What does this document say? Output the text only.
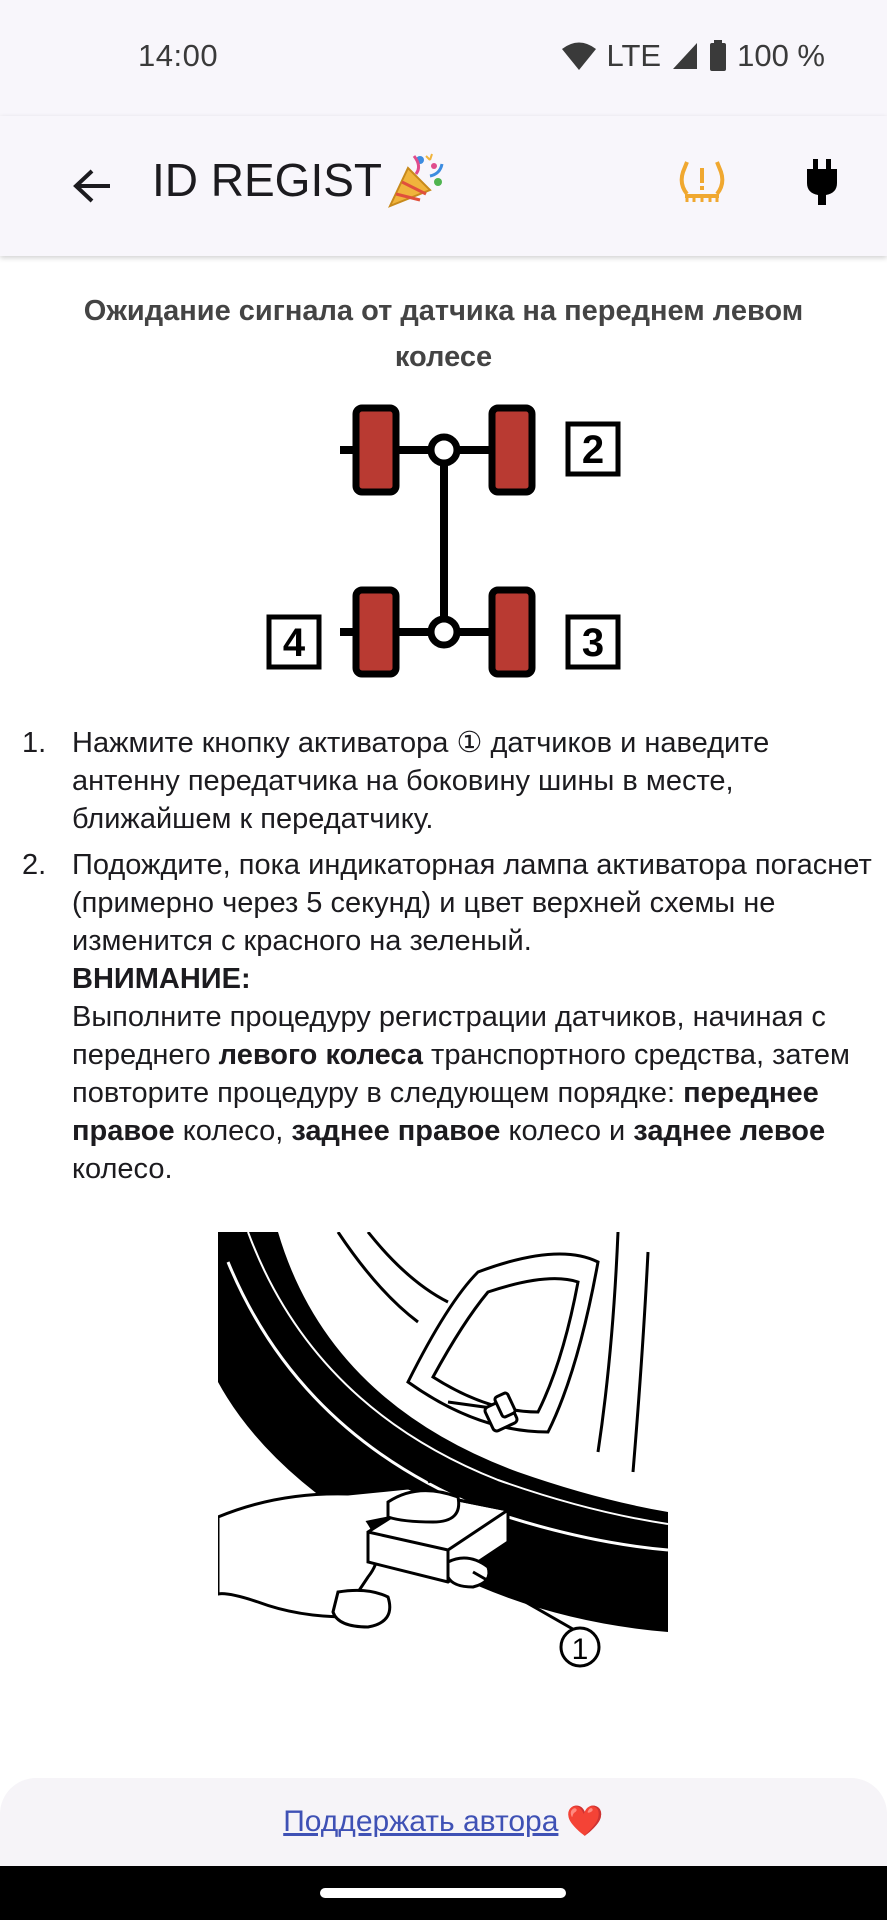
14:00	LTE 100 %
ID REGIST
Ожидание сигнала от датчика на переднем левом колесе
2
4	3
1. Нажмите кнопку активатора ① датчиков и наведите антенну передатчика на боковину шины в месте, ближайшем к передатчику.
2. Подождите, пока индикаторная лампа активатора погаснет (примерно через 5 секунд) и цвет верхней схемы не изменится с красного на зеленый.
ВНИМАНИЕ:
Выполните процедуру регистрации датчиков, начиная с переднего левого колеса транспортного средства, затем повторите процедуру в следующем порядке: переднее правое колесо, заднее правое колесо и заднее левое колесо.
1
Поддержать автора ❤️
